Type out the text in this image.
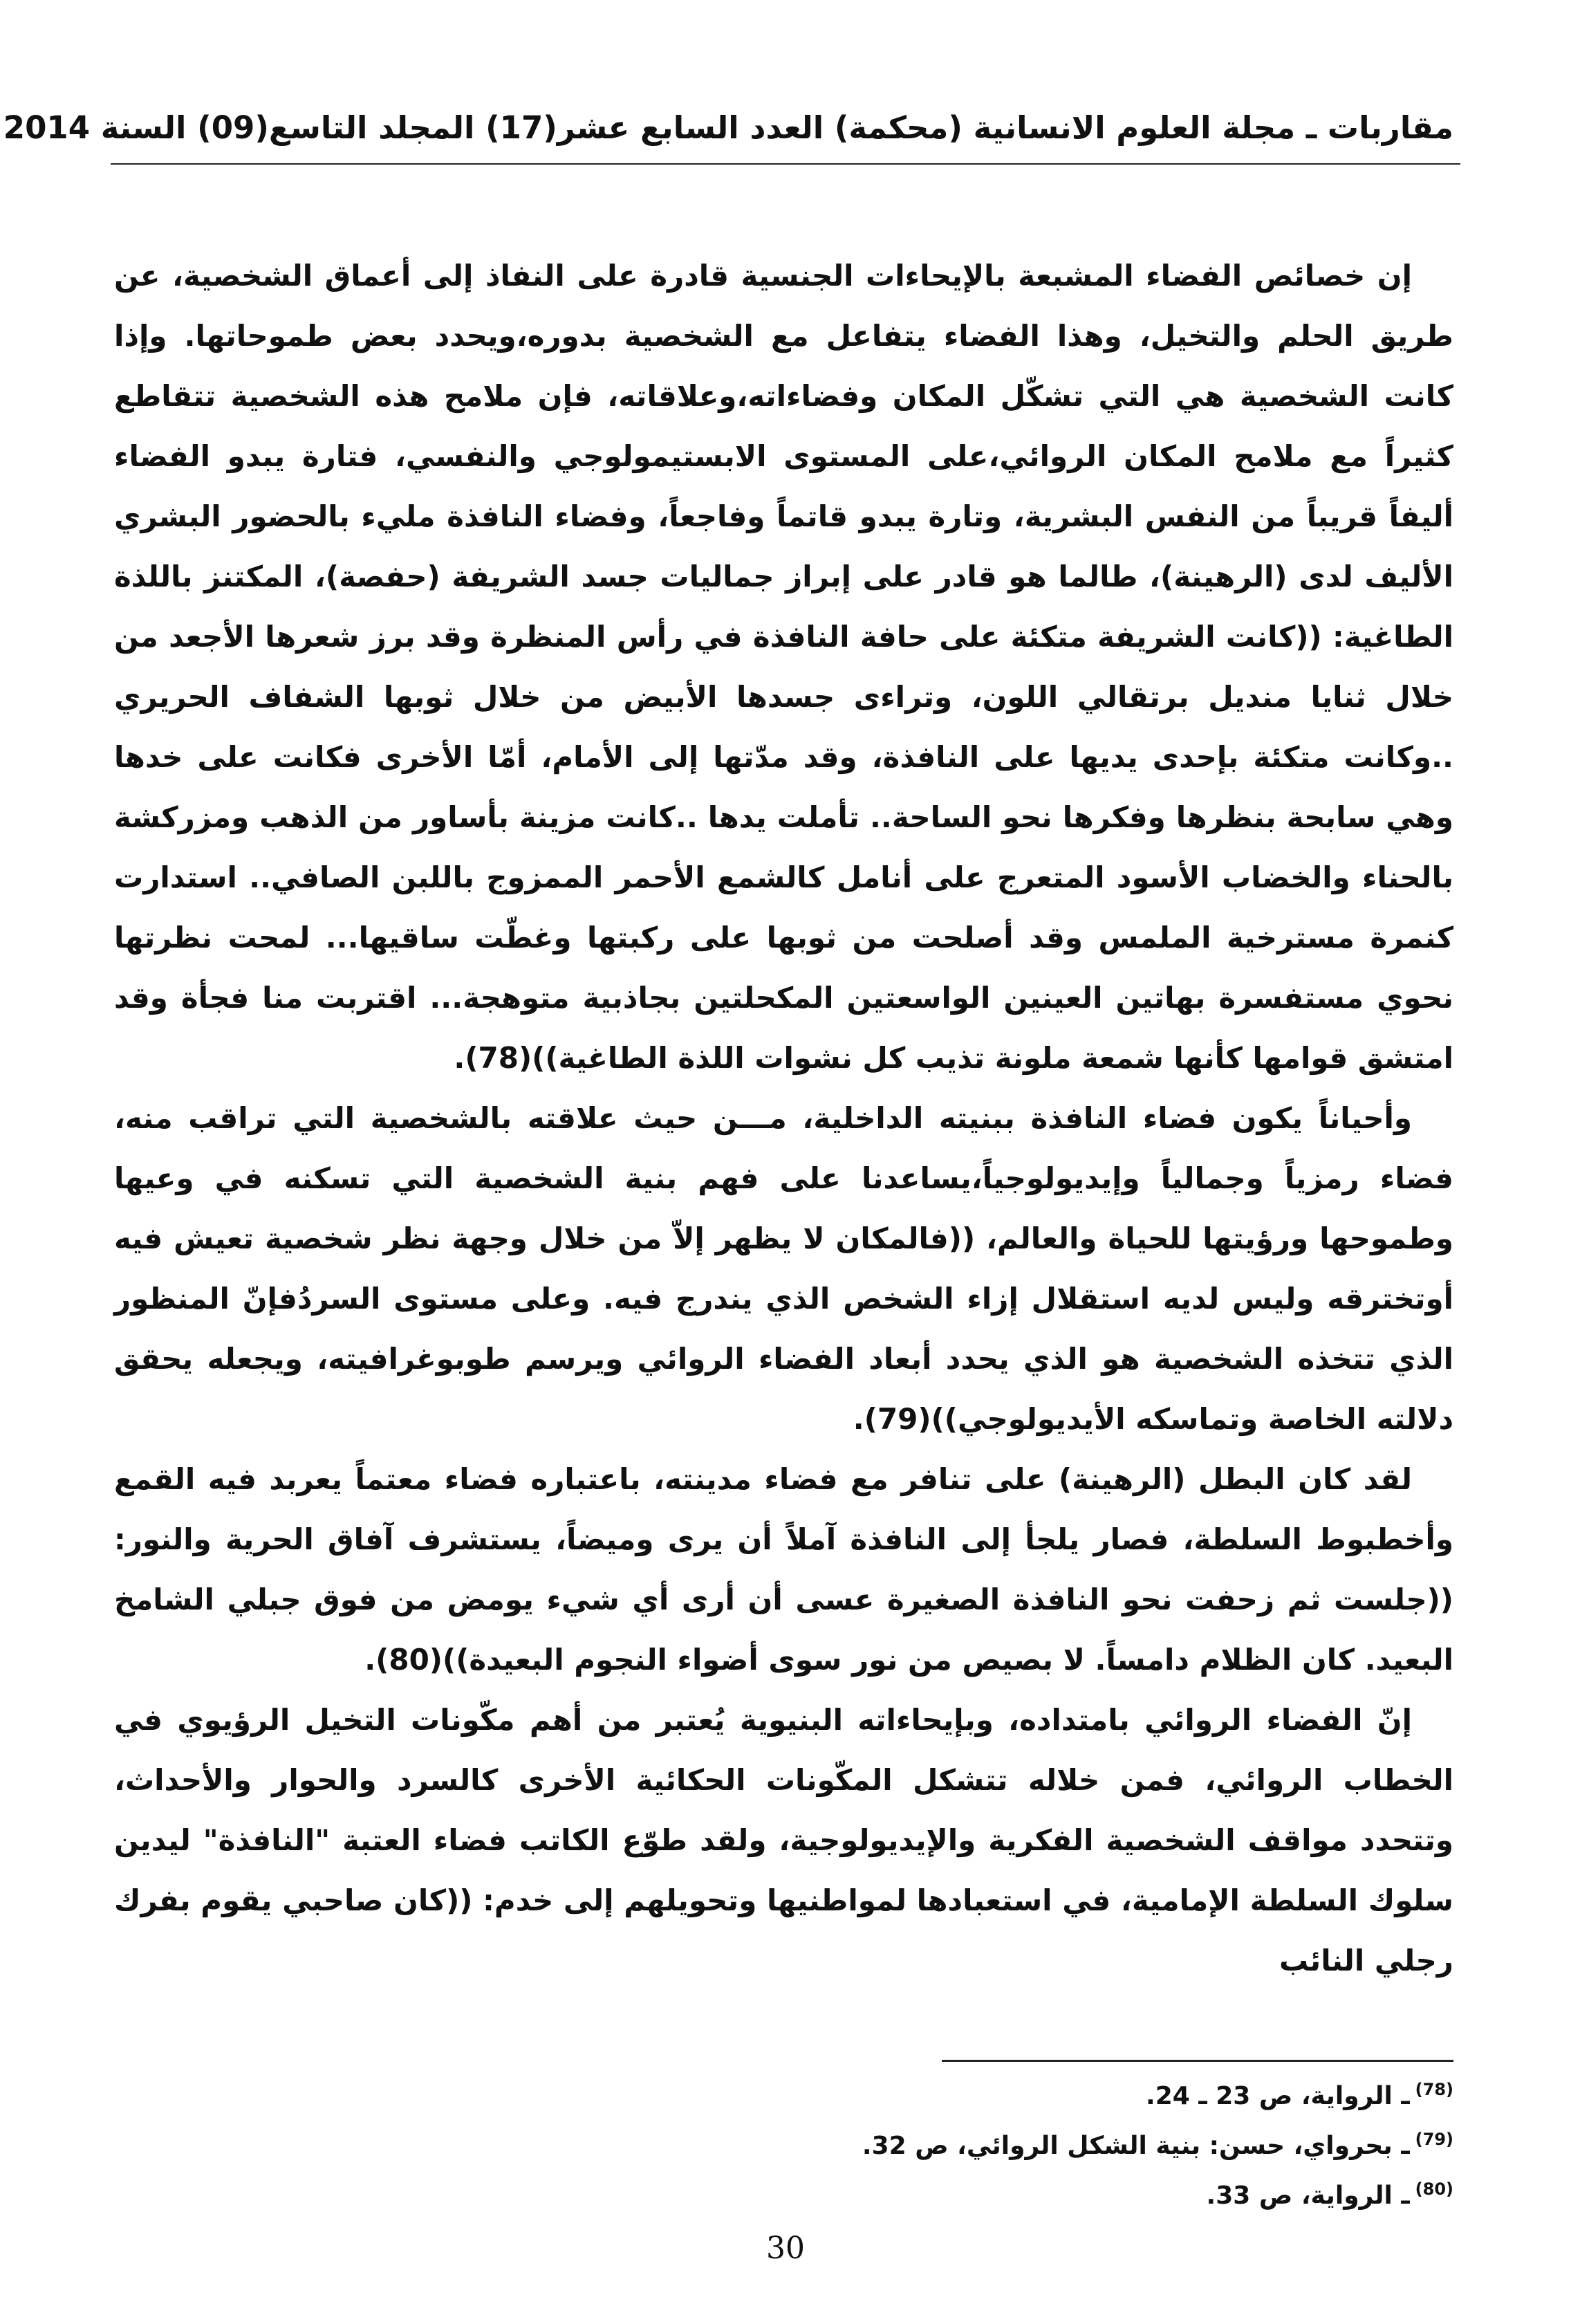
مقاربات ـ مجلة العلوم الانسانية (محكمة) العدد السابع عشر(17) المجلد التاسع(09) السنة 2014

إن خصائص الفضاء المشبعة بالإيحاءات الجنسية قادرة على النفاذ إلى أعماق الشخصية، عن طريق الحلم والتخيل، وهذا الفضاء يتفاعل مع الشخصية بدوره،ويحدد بعض طموحاتها. وإذا كانت الشخصية هي التي تشكّل المكان وفضاءاته،وعلاقاته، فإن ملامح هذه الشخصية تتقاطع كثيراً مع ملامح المكان الروائي،على المستوى الابستيمولوجي والنفسي، فتارة يبدو الفضاء أليفاً قريباً من النفس البشرية، وتارة يبدو قاتماً وفاجعاً، وفضاء النافذة مليء بالحضور البشري الأليف لدى (الرهينة)، طالما هو قادر على إبراز جماليات جسد الشريفة (حفصة)، المكتنز باللذة الطاغية: ((كانت الشريفة متكئة على حافة النافذة في رأس المنظرة وقد برز شعرها الأجعد من خلال ثنايا منديل برتقالي اللون، وتراءى جسدها الأبيض من خلال ثوبها الشفاف الحريري ..وكانت متكئة بإحدى يديها على النافذة، وقد مدّتها إلى الأمام، أمّا الأخرى فكانت على خدها وهي سابحة بنظرها وفكرها نحو الساحة.. تأملت يدها ..كانت مزينة بأساور من الذهب ومزركشة بالحناء والخضاب الأسود المتعرج على أنامل كالشمع الأحمر الممزوج باللبن الصافي.. استدارت كنمرة مسترخية الملمس وقد أصلحت من ثوبها على ركبتها وغطّت ساقيها... لمحت نظرتها نحوي مستفسرة بهاتين العينين الواسعتين المكحلتين بجاذبية متوهجة... اقتربت منا فجأة وقد امتشق قوامها كأنها شمعة ملونة تذيب كل نشوات اللذة الطاغية))(78).

وأحياناً يكون فضاء النافذة ببنيته الداخلية، مـــن حيث علاقته بالشخصية التي تراقب منه، فضاء رمزياً وجمالياً وإيديولوجياً،يساعدنا على فهم بنية الشخصية التي تسكنه في وعيها وطموحها ورؤيتها للحياة والعالم، ((فالمكان لا يظهر إلاّ من خلال وجهة نظر شخصية تعيش فيه أوتخترقه وليس لديه استقلال إزاء الشخص الذي يندرج فيه. وعلى مستوى السردُفإنّ المنظور الذي تتخذه الشخصية هو الذي يحدد أبعاد الفضاء الروائي ويرسم طوبوغرافيته، ويجعله يحقق دلالته الخاصة وتماسكه الأيديولوجي))(79).

لقد كان البطل (الرهينة) على تنافر مع فضاء مدينته، باعتباره فضاء معتماً يعربد فيه القمع وأخطبوط السلطة، فصار يلجأ إلى النافذة آملاً أن يرى وميضاً، يستشرف آفاق الحرية والنور: ((جلست ثم زحفت نحو النافذة الصغيرة عسى أن أرى أي شيء يومض من فوق جبلي الشامخ البعيد. كان الظلام دامساً. لا بصيص من نور سوى أضواء النجوم البعيدة))(80).

إنّ الفضاء الروائي بامتداده، وبإيحاءاته البنيوية يُعتبر من أهم مكّونات التخيل الرؤيوي في الخطاب الروائي، فمن خلاله تتشكل المكّونات الحكائية الأخرى كالسرد والحوار والأحداث، وتتحدد مواقف الشخصية الفكرية والإيديولوجية، ولقد طوّع الكاتب فضاء العتبة "النافذة" ليدين سلوك السلطة الإمامية، في استعبادها لمواطنيها وتحويلهم إلى خدم: ((كان صاحبي يقوم بفرك رجلي النائب

$^{(78)}$ـ الرواية، ص 23 ـ 24.
$^{(79)}$ـ بحرواي، حسن: بنية الشكل الروائي، ص 32.
$^{(80)}$ـ الرواية، ص 33.
30
